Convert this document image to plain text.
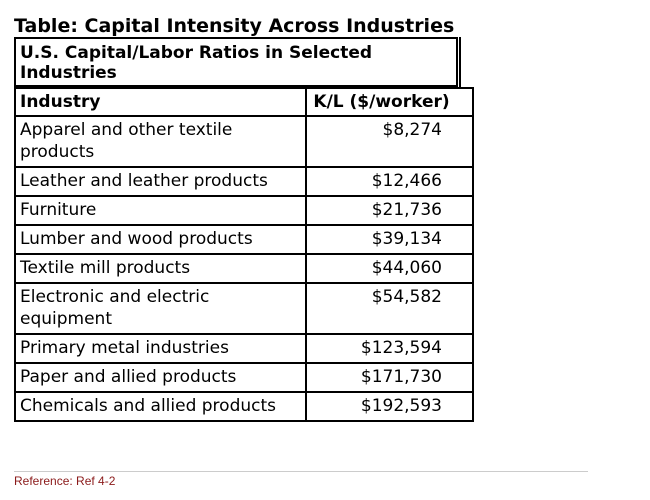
Table: Capital Intensity Across Industries
U.S. Capital/Labor Ratios in Selected Industries
Industry	K/L ($/worker)
Apparel and other textile products	$8,274
Leather and leather products	$12,466
Furniture	$21,736
Lumber and wood products	$39,134
Textile mill products	$44,060
Electronic and electric equipment	$54,582
Primary metal industries	$123,594
Paper and allied products	$171,730
Chemicals and allied products	$192,593
Reference: Ref 4-2
